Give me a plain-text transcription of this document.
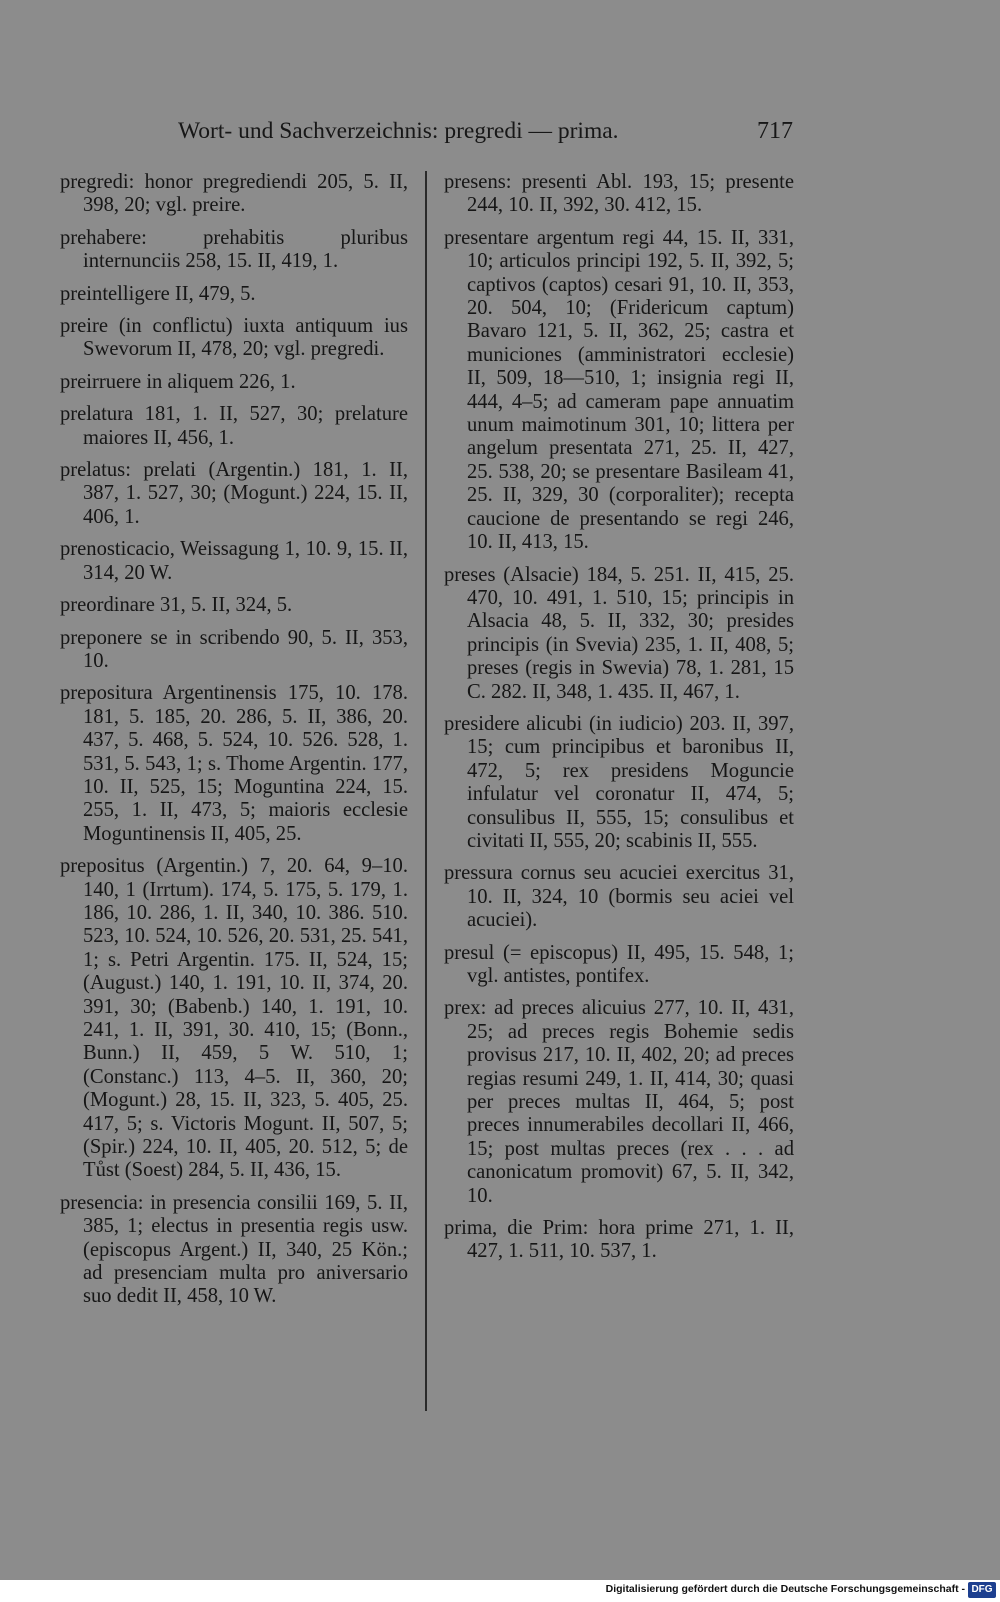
Wort- und Sachverzeichnis: pregredi — prima.	717

pregredi: honor pregrediendi 205, 5. II, 398, 20; vgl. preire.

prehabere: prehabitis pluribus internunciis 258, 15. II, 419, 1.

preintelligere II, 479, 5.

preire (in conflictu) iuxta antiquum ius Swevorum II, 478, 20; vgl. pregredi.

preirruere in aliquem 226, 1.

prelatura 181, 1. II, 527, 30; prelature maiores II, 456, 1.

prelatus: prelati (Argentin.) 181, 1. II, 387, 1. 527, 30; (Mogunt.) 224, 15. II, 406, 1.

prenosticacio, Weissagung 1, 10. 9, 15. II, 314, 20 W.

preordinare 31, 5. II, 324, 5.

preponere se in scribendo 90, 5. II, 353, 10.

prepositura Argentinensis 175, 10. 178. 181, 5. 185, 20. 286, 5. II, 386, 20. 437, 5. 468, 5. 524, 10. 526. 528, 1. 531, 5. 543, 1; s. Thome Argentin. 177, 10. II, 525, 15; Moguntina 224, 15. 255, 1. II, 473, 5; maioris ecclesie Moguntinensis II, 405, 25.

prepositus (Argentin.) 7, 20. 64, 9–10. 140, 1 (Irrtum). 174, 5. 175, 5. 179, 1. 186, 10. 286, 1. II, 340, 10. 386. 510. 523, 10. 524, 10. 526, 20. 531, 25. 541, 1; s. Petri Argentin. 175. II, 524, 15; (August.) 140, 1. 191, 10. II, 374, 20. 391, 30; (Babenb.) 140, 1. 191, 10. 241, 1. II, 391, 30. 410, 15; (Bonn., Bunn.) II, 459, 5 W. 510, 1; (Constanc.) 113, 4–5. II, 360, 20; (Mogunt.) 28, 15. II, 323, 5. 405, 25. 417, 5; s. Victoris Mogunt. II, 507, 5; (Spir.) 224, 10. II, 405, 20. 512, 5; de Tůst (Soest) 284, 5. II, 436, 15.

presencia: in presencia consilii 169, 5. II, 385, 1; electus in presentia regis usw. (episcopus Argent.) II, 340, 25 Kön.; ad presenciam multa pro aniversario suo dedit II, 458, 10 W.

presens: presenti Abl. 193, 15; presente 244, 10. II, 392, 30. 412, 15.

presentare argentum regi 44, 15. II, 331, 10; articulos principi 192, 5. II, 392, 5; captivos (captos) cesari 91, 10. II, 353, 20. 504, 10; (Fridericum captum) Bavaro 121, 5. II, 362, 25; castra et municiones (amministratori ecclesie) II, 509, 18—510, 1; insignia regi II, 444, 4–5; ad cameram pape annuatim unum maimotinum 301, 10; littera per angelum presentata 271, 25. II, 427, 25. 538, 20; se presentare Basileam 41, 25. II, 329, 30 (corporaliter); recepta caucione de presentando se regi 246, 10. II, 413, 15.

preses (Alsacie) 184, 5. 251. II, 415, 25. 470, 10. 491, 1. 510, 15; principis in Alsacia 48, 5. II, 332, 30; presides principis (in Svevia) 235, 1. II, 408, 5; preses (regis in Swevia) 78, 1. 281, 15 C. 282. II, 348, 1. 435. II, 467, 1.

presidere alicubi (in iudicio) 203. II, 397, 15; cum principibus et baronibus II, 472, 5; rex presidens Moguncie infulatur vel coronatur II, 474, 5; consulibus II, 555, 15; consulibus et civitati II, 555, 20; scabinis II, 555.

pressura cornus seu acuciei exercitus 31, 10. II, 324, 10 (bormis seu aciei vel acuciei).

presul (= episcopus) II, 495, 15. 548, 1; vgl. antistes, pontifex.

prex: ad preces alicuius 277, 10. II, 431, 25; ad preces regis Bohemie sedis provisus 217, 10. II, 402, 20; ad preces regias resumi 249, 1. II, 414, 30; quasi per preces multas II, 464, 5; post preces innumerabiles decollari II, 466, 15; post multas preces (rex . . . ad canonicatum promovit) 67, 5. II, 342, 10.

prima, die Prim: hora prime 271, 1. II, 427, 1. 511, 10. 537, 1.

Digitalisierung gefördert durch die Deutsche Forschungsgemeinschaft - DFG
